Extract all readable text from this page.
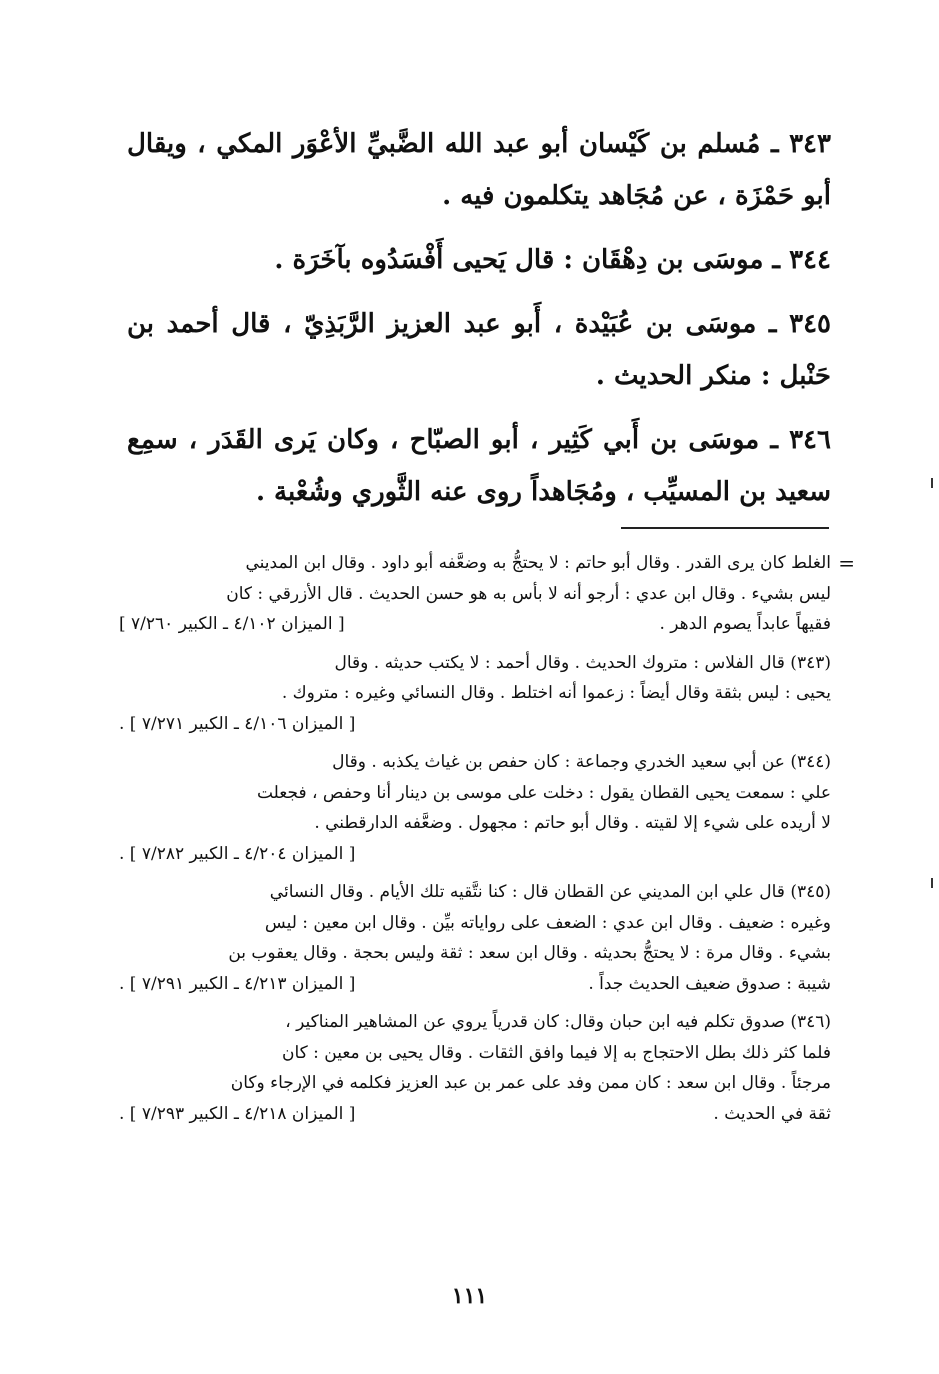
٣٤٣ ـ مُسلم بن كَيْسان أبو عبد الله الضَّبيِّ الأعْوَر المكي ، ويقال أبو حَمْزَة ، عن مُجَاهد يتكلمون فيه .

٣٤٤ ـ موسَى بن دِهْقَان : قال يَحيى أَفْسَدُوه بآخَرَة .

٣٤٥ ـ موسَى بن عُبَيْدة ، أَبو عبد العزيز الرَّبَذِيّ ، قال أحمد بن حَنْبل : منكر الحديث .

٣٤٦ ـ موسَى بن أَبي كَثِير ، أبو الصبّاح ، وكان يَرى القَدَر ، سمِع سعيد بن المسيِّب ، ومُجَاهداً روى عنه الثَّوري وشُعْبة .

=
الغلط كان يرى القدر . وقال أبو حاتم : لا يحتجُّ به وضعَّفه أبو داود . وقال ابن المديني
ليس بشيء . وقال ابن عدي : أرجو أنه لا بأس به هو حسن الحديث . قال الأزرقي : كان
فقيهاً عابداً يصوم الدهر .
[ الميزان ٤/١٠٢ ـ الكبير ٧/٢٦٠ ]
(٣٤٣) قال الفلاس : متروك الحديث . وقال أحمد : لا يكتب حديثه . وقال
يحيى : ليس بثقة وقال أيضاً : زعموا أنه اختلط . وقال النسائي وغيره : متروك .
[ الميزان ٤/١٠٦ ـ الكبير ٧/٢٧١ ] .
(٣٤٤) عن أبي سعيد الخدري وجماعة : كان حفص بن غياث يكذبه . وقال
علي : سمعت يحيى القطان يقول : دخلت على موسى بن دينار أنا وحفص ، فجعلت
لا أريده على شيء إلا لقيته . وقال أبو حاتم : مجهول . وضعَّفه الدارقطني .
[ الميزان ٤/٢٠٤ ـ الكبير ٧/٢٨٢ ] .
(٣٤٥) قال علي ابن المديني عن القطان قال : كنا نتَّقيه تلك الأيام . وقال النسائي
وغيره : ضعيف . وقال ابن عدي : الضعف على رواياته بيِّن . وقال ابن معين : ليس
بشيء . وقال مرة : لا يحتجُّ بحديثه . وقال ابن سعد : ثقة وليس بحجة . وقال يعقوب بن
شيبة : صدوق ضعيف الحديث جداً .
[ الميزان ٤/٢١٣ ـ الكبير ٧/٢٩١ ] .
(٣٤٦) صدوق تكلم فيه ابن حبان وقال: كان قدرياً يروي عن المشاهير المناكير ،
فلما كثر ذلك بطل الاحتجاج به إلا فيما وافق الثقات . وقال يحيى بن معين : كان
مرجئاً . وقال ابن سعد : كان ممن وفد على عمر بن عبد العزيز فكلمه في الإرجاء وكان
ثقة في الحديث .
[ الميزان ٤/٢١٨ ـ الكبير ٧/٢٩٣ ] .
١١١
